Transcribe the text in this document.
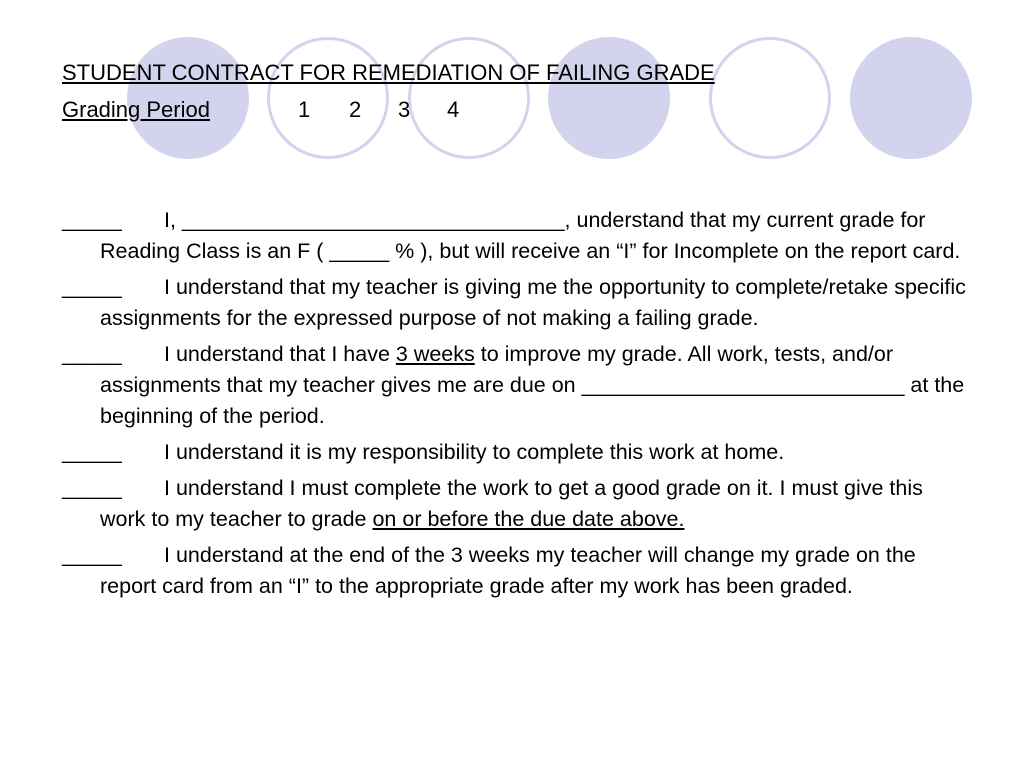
STUDENT CONTRACT FOR REMEDIATION OF FAILING GRADE
Grading Period	1 2 3 4
_____ I, ________________________________, understand that my current grade for Reading Class is an F ( _____ % ), but will receive an “I” for Incomplete on the report card.
_____ I understand that my teacher is giving me the opportunity to complete/retake specific assignments for the expressed purpose of not making a failing grade.
_____ I understand that I have 3 weeks to improve my grade. All work, tests, and/or assignments that my teacher gives me are due on ___________________________ at the beginning of the period.
_____ I understand it is my responsibility to complete this work at home.
_____ I understand I must complete the work to get a good grade on it. I must give this work to my teacher to grade on or before the due date above.
_____ I understand at the end of the 3 weeks my teacher will change my grade on the report card from an “I” to the appropriate grade after my work has been graded.
